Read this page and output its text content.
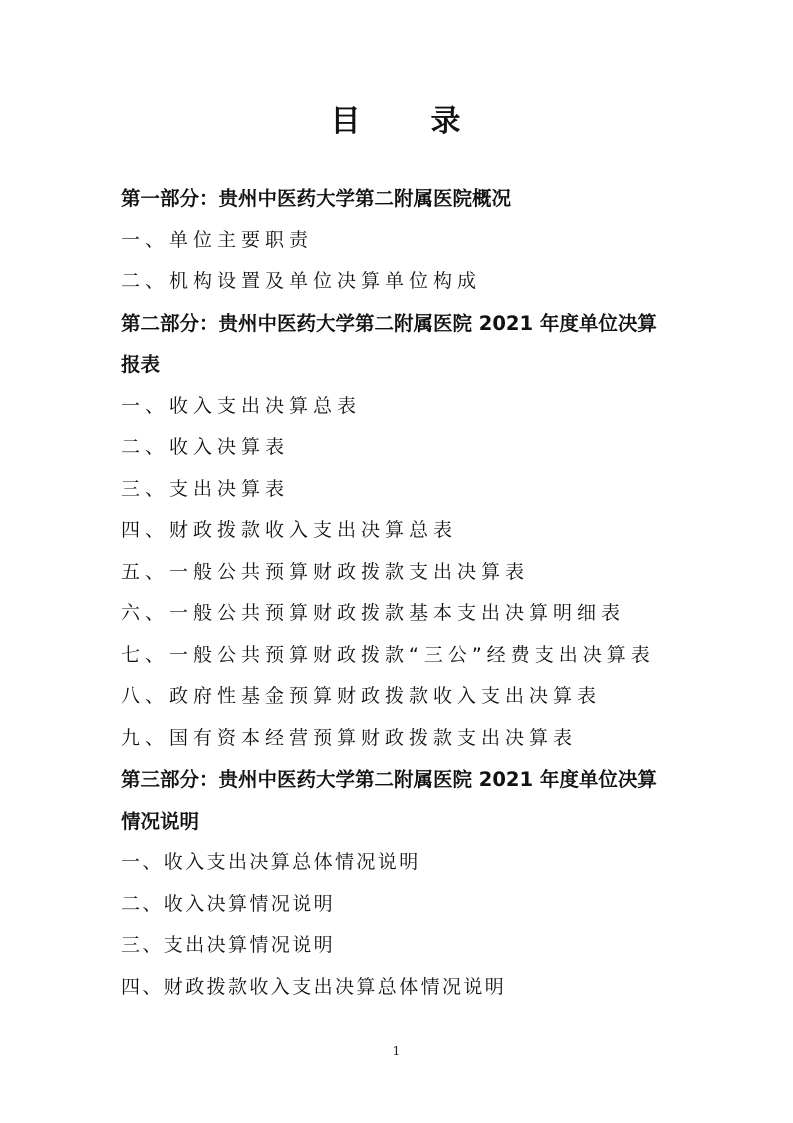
目 录
第一部分：贵州中医药大学第二附属医院概况
一、单位主要职责
二、机构设置及单位决算单位构成
第二部分：贵州中医药大学第二附属医院 2021 年度单位决算
报表
一、收入支出决算总表
二、收入决算表
三、支出决算表
四、财政拨款收入支出决算总表
五、一般公共预算财政拨款支出决算表
六、一般公共预算财政拨款基本支出决算明细表
七、一般公共预算财政拨款“三公”经费支出决算表
八、政府性基金预算财政拨款收入支出决算表
九、国有资本经营预算财政拨款支出决算表
第三部分：贵州中医药大学第二附属医院 2021 年度单位决算
情况说明
一、收入支出决算总体情况说明
二、收入决算情况说明
三、支出决算情况说明
四、财政拨款收入支出决算总体情况说明
1
